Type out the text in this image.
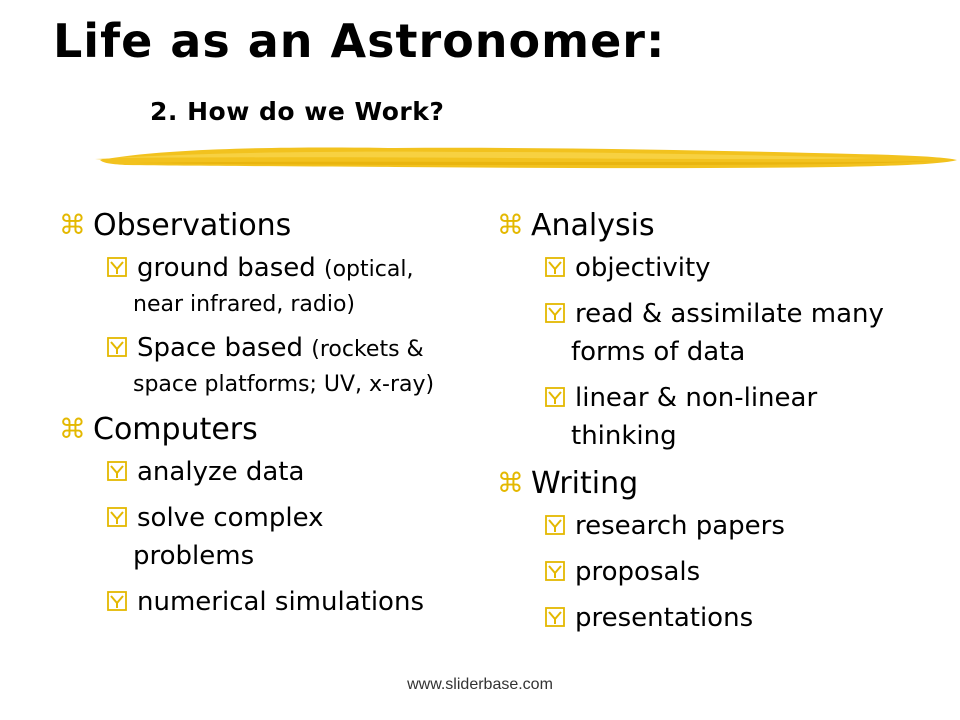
Life as an Astronomer:
2. How do we Work?
⌘ Observations
ground based (optical,
near infrared, radio)
Space based (rockets &
space platforms; UV, x-ray)
⌘ Computers
analyze data
solve complex
problems
numerical simulations
⌘ Analysis
objectivity
read & assimilate many
forms of data
linear & non-linear
thinking
⌘ Writing
research papers
proposals
presentations
www.sliderbase.com
